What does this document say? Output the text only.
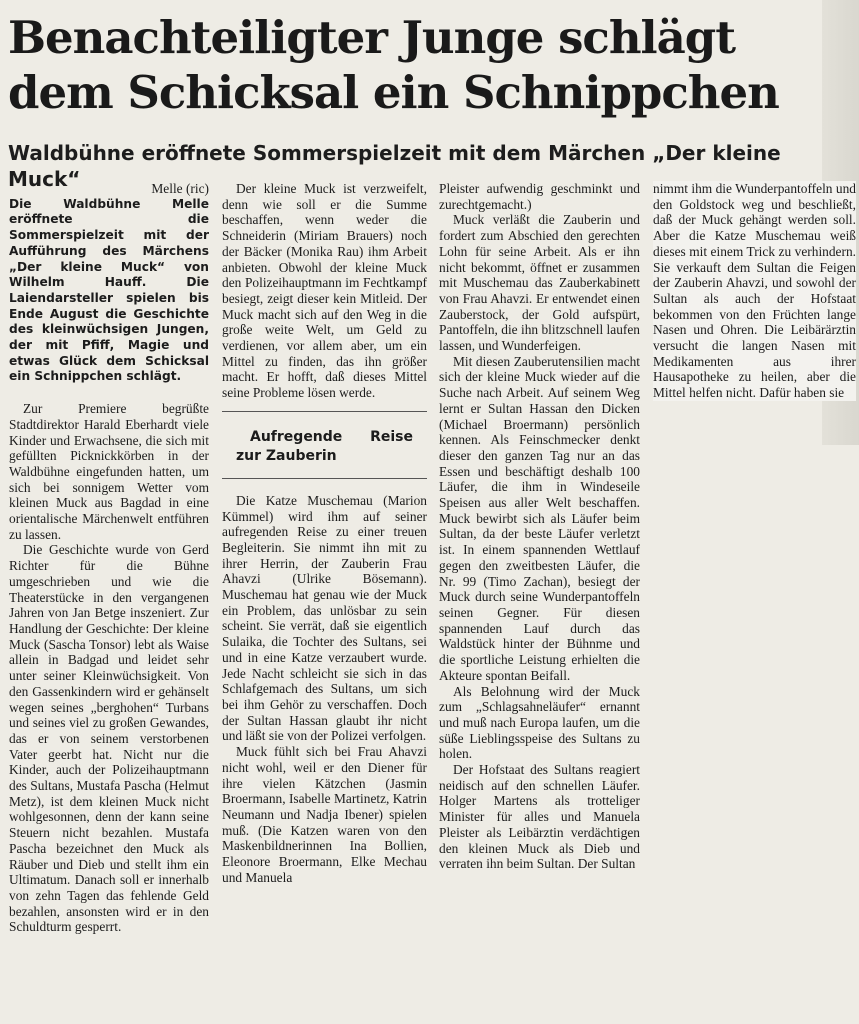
Benachteiligter Junge schlägt dem Schicksal ein Schnippchen
Waldbühne eröffnete Sommerspielzeit mit dem Märchen „Der kleine Muck“	Melle (ric)

Die Waldbühne Melle eröffnete die Sommerspielzeit mit der Aufführung des Märchens „Der kleine Muck“ von Wilhelm Hauff. Die Laiendarsteller spielen bis Ende August die Geschichte des kleinwüchsigen Jungen, der mit Pfiff, Magie und etwas Glück dem Schicksal ein Schnippchen schlägt.

Zur Premiere begrüßte Stadtdirektor Harald Eberhardt viele Kinder und Erwachsene, die sich mit gefüllten Picknickkörben in der Waldbühne eingefunden hatten, um sich bei sonnigem Wetter vom kleinen Muck aus Bagdad in eine orientalische Märchenwelt entführen zu lassen.

Die Geschichte wurde von Gerd Richter für die Bühne umgeschrieben und wie die Theaterstücke in den vergangenen Jahren von Jan Betge inszeniert. Zur Handlung der Geschichte: Der kleine Muck (Sascha Tonsor) lebt als Waise allein in Badgad und leidet sehr unter seiner Kleinwüchsigkeit. Von den Gassenkindern wird er gehänselt wegen seines „berghohen“ Turbans und seines viel zu großen Gewandes, das er von seinem verstorbenen Vater geerbt hat. Nicht nur die Kinder, auch der Polizeihauptmann des Sultans, Mustafa Pascha (Helmut Metz), ist dem kleinen Muck nicht wohlgesonnen, denn der kann seine Steuern nicht bezahlen. Mustafa Pascha bezeichnet den Muck als Räuber und Dieb und stellt ihm ein Ultimatum. Danach soll er innerhalb von zehn Tagen das fehlende Geld bezahlen, ansonsten wird er in den Schuldturm gesperrt.

Der kleine Muck ist verzweifelt, denn wie soll er die Summe beschaffen, wenn weder die Schneiderin (Miriam Brauers) noch der Bäcker (Monika Rau) ihm Arbeit anbieten. Obwohl der kleine Muck den Polizeihauptmann im Fechtkampf besiegt, zeigt dieser kein Mitleid. Der Muck macht sich auf den Weg in die große weite Welt, um Geld zu verdienen, vor allem aber, um ein Mittel zu finden, das ihn größer macht. Er hofft, daß dieses Mittel seine Probleme lösen werde.

Aufregende Reise zur Zauberin

Die Katze Muschemau (Marion Kümmel) wird ihm auf seiner aufregenden Reise zu einer treuen Begleiterin. Sie nimmt ihn mit zu ihrer Herrin, der Zauberin Frau Ahavzi (Ulrike Bösemann). Muschemau hat genau wie der Muck ein Problem, das unlösbar zu sein scheint. Sie verrät, daß sie eigentlich Sulaika, die Tochter des Sultans, sei und in eine Katze verzaubert wurde. Jede Nacht schleicht sie sich in das Schlafgemach des Sultans, um sich bei ihm Gehör zu verschaffen. Doch der Sultan Hassan glaubt ihr nicht und läßt sie von der Polizei verfolgen.

Muck fühlt sich bei Frau Ahavzi nicht wohl, weil er den Diener für ihre vielen Kätzchen (Jasmin Broermann, Isabelle Martinetz, Katrin Neumann und Nadja Ibener) spielen muß. (Die Katzen waren von den Maskenbildnerinnen Ina Bollien, Eleonore Broermann, Elke Mechau und Manuela

Pleister aufwendig geschminkt und zurechtgemacht.)

Muck verläßt die Zauberin und fordert zum Abschied den gerechten Lohn für seine Arbeit. Als er ihn nicht bekommt, öffnet er zusammen mit Muschemau das Zauberkabinett von Frau Ahavzi. Er entwendet einen Zauberstock, der Gold aufspürt, Pantoffeln, die ihn blitzschnell laufen lassen, und Wunderfeigen.

Mit diesen Zauberutensilien macht sich der kleine Muck wieder auf die Suche nach Arbeit. Auf seinem Weg lernt er Sultan Hassan den Dicken (Michael Broermann) persönlich kennen. Als Feinschmecker denkt dieser den ganzen Tag nur an das Essen und beschäftigt deshalb 100 Läufer, die ihm in Windeseile Speisen aus aller Welt beschaffen. Muck bewirbt sich als Läufer beim Sultan, da der beste Läufer verletzt ist. In einem spannenden Wettlauf gegen den zweitbesten Läufer, die Nr. 99 (Timo Zachan), besiegt der Muck durch seine Wunderpantoffeln seinen Gegner. Für diesen spannenden Lauf durch das Waldstück hinter der Bühnme und die sportliche Leistung erhielten die Akteure spontan Beifall.

Als Belohnung wird der Muck zum „Schlagsahneläufer“ ernannt und muß nach Europa laufen, um die süße Lieblingsspeise des Sultans zu holen.

Der Hofstaat des Sultans reagiert neidisch auf den schnellen Läufer. Holger Martens als trotteliger Minister für alles und Manuela Pleister als Leibärztin verdächtigen den kleinen Muck als Dieb und verraten ihn beim Sultan. Der Sultan

nimmt ihm die Wunderpantoffeln und den Goldstock weg und beschließt, daß der Muck gehängt werden soll. Aber die Katze Muschemau weiß dieses mit einem Trick zu verhindern. Sie verkauft dem Sultan die Feigen der Zauberin Ahavzi, und sowohl der Sultan als auch der Hofstaat bekommen von den Früchten lange Nasen und Ohren. Die Leibärärztin versucht die langen Nasen mit Medikamenten aus ihrer Hausapotheke zu heilen, aber die Mittel helfen nicht. Dafür haben sie
